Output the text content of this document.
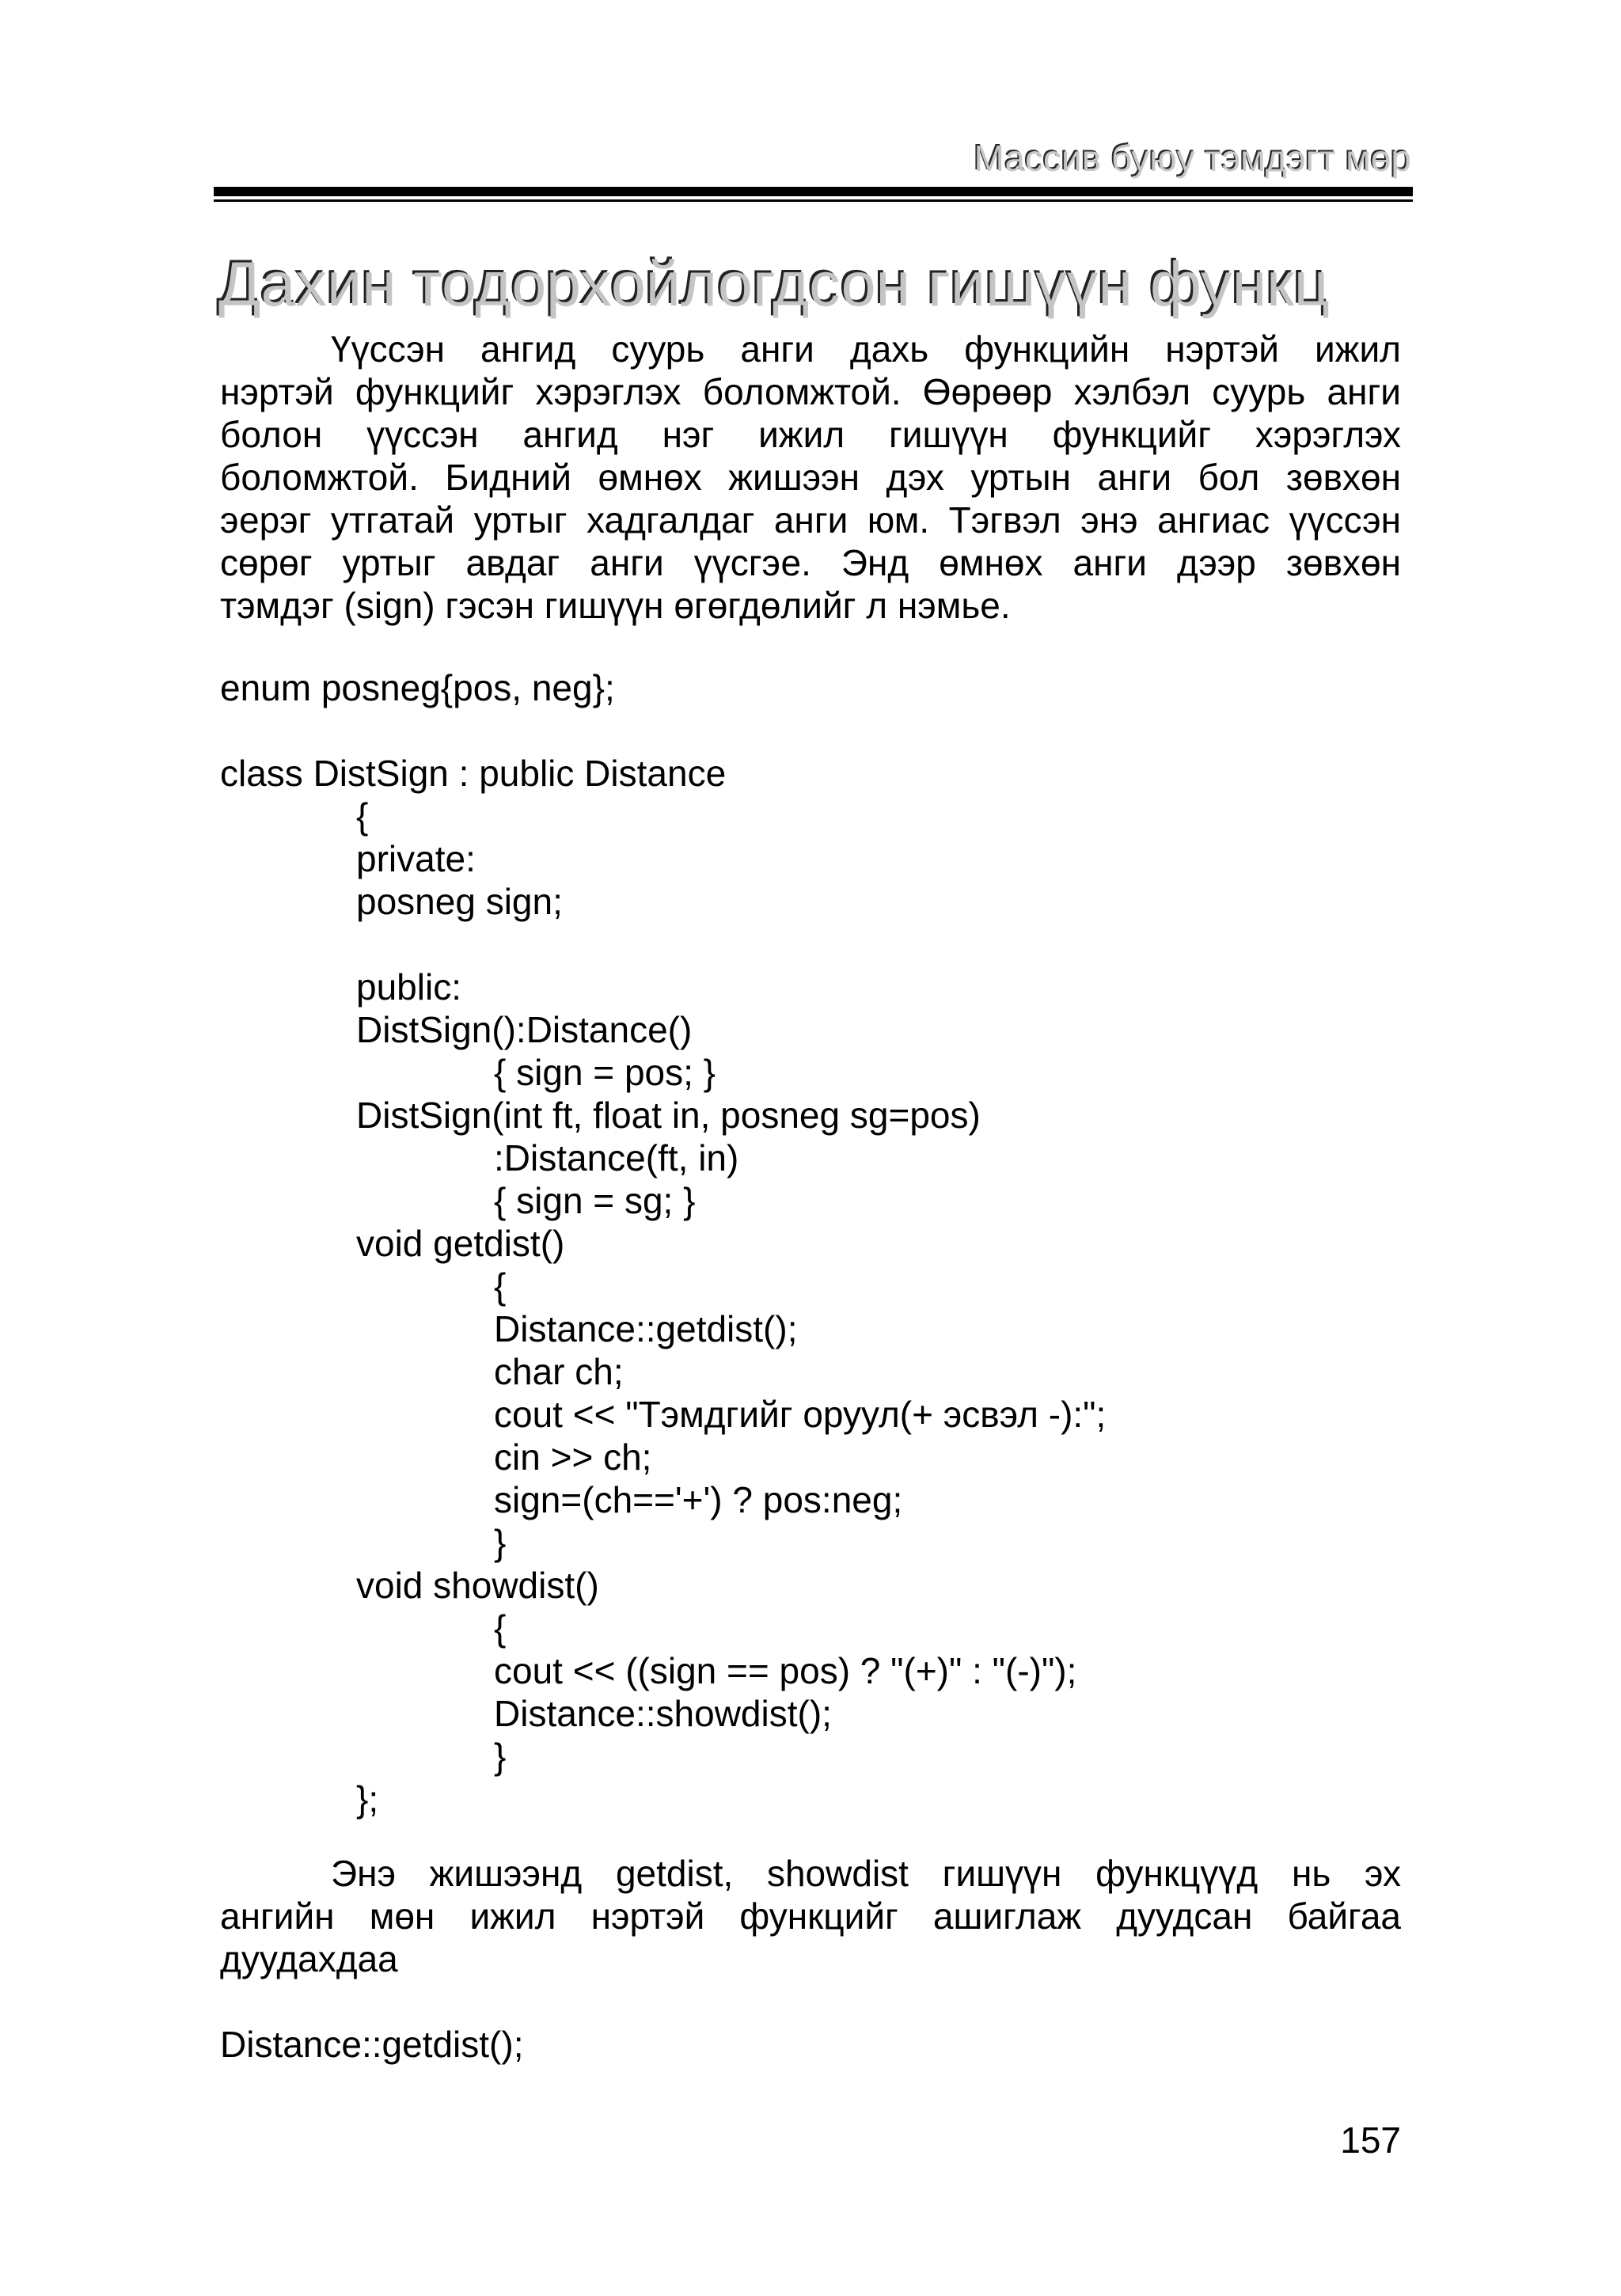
Массив буюу тэмдэгт мөр
Дахин тодорхойлогдсон гишүүн функц
Үүссэн ангид суурь анги дахь функцийн нэртэй ижил
нэртэй функцийг хэрэглэх боломжтой. Өөрөөр хэлбэл суурь анги
болон үүссэн ангид нэг ижил гишүүн функцийг хэрэглэх
боломжтой. Бидний өмнөх жишээн дэх уртын анги бол зөвхөн
эерэг утгатай уртыг хадгалдаг анги юм. Тэгвэл энэ ангиас үүссэн
сөрөг уртыг авдаг анги үүсгэе. Энд өмнөх анги дээр зөвхөн
тэмдэг (sign) гэсэн гишүүн өгөгдөлийг л нэмье.
enum posneg{pos, neg};
class DistSign : public Distance
{
private:
posneg sign;
public:
DistSign():Distance()
{ sign = pos; }
DistSign(int ft, float in, posneg sg=pos)
:Distance(ft, in)
{ sign = sg; }
void getdist()
{
Distance::getdist();
char ch;
cout << "Тэмдгийг оруул(+ эсвэл -):";
cin >> ch;
sign=(ch=='+') ? pos:neg;
}
void showdist()
{
cout << ((sign == pos) ? "(+)" : "(-)");
Distance::showdist();
}
};
Энэ жишээнд getdist, showdist гишүүн функцүүд нь эх
ангийн мөн ижил нэртэй функцийг ашиглаж дуудсан байгаа
дуудахдаа
Distance::getdist();
157
